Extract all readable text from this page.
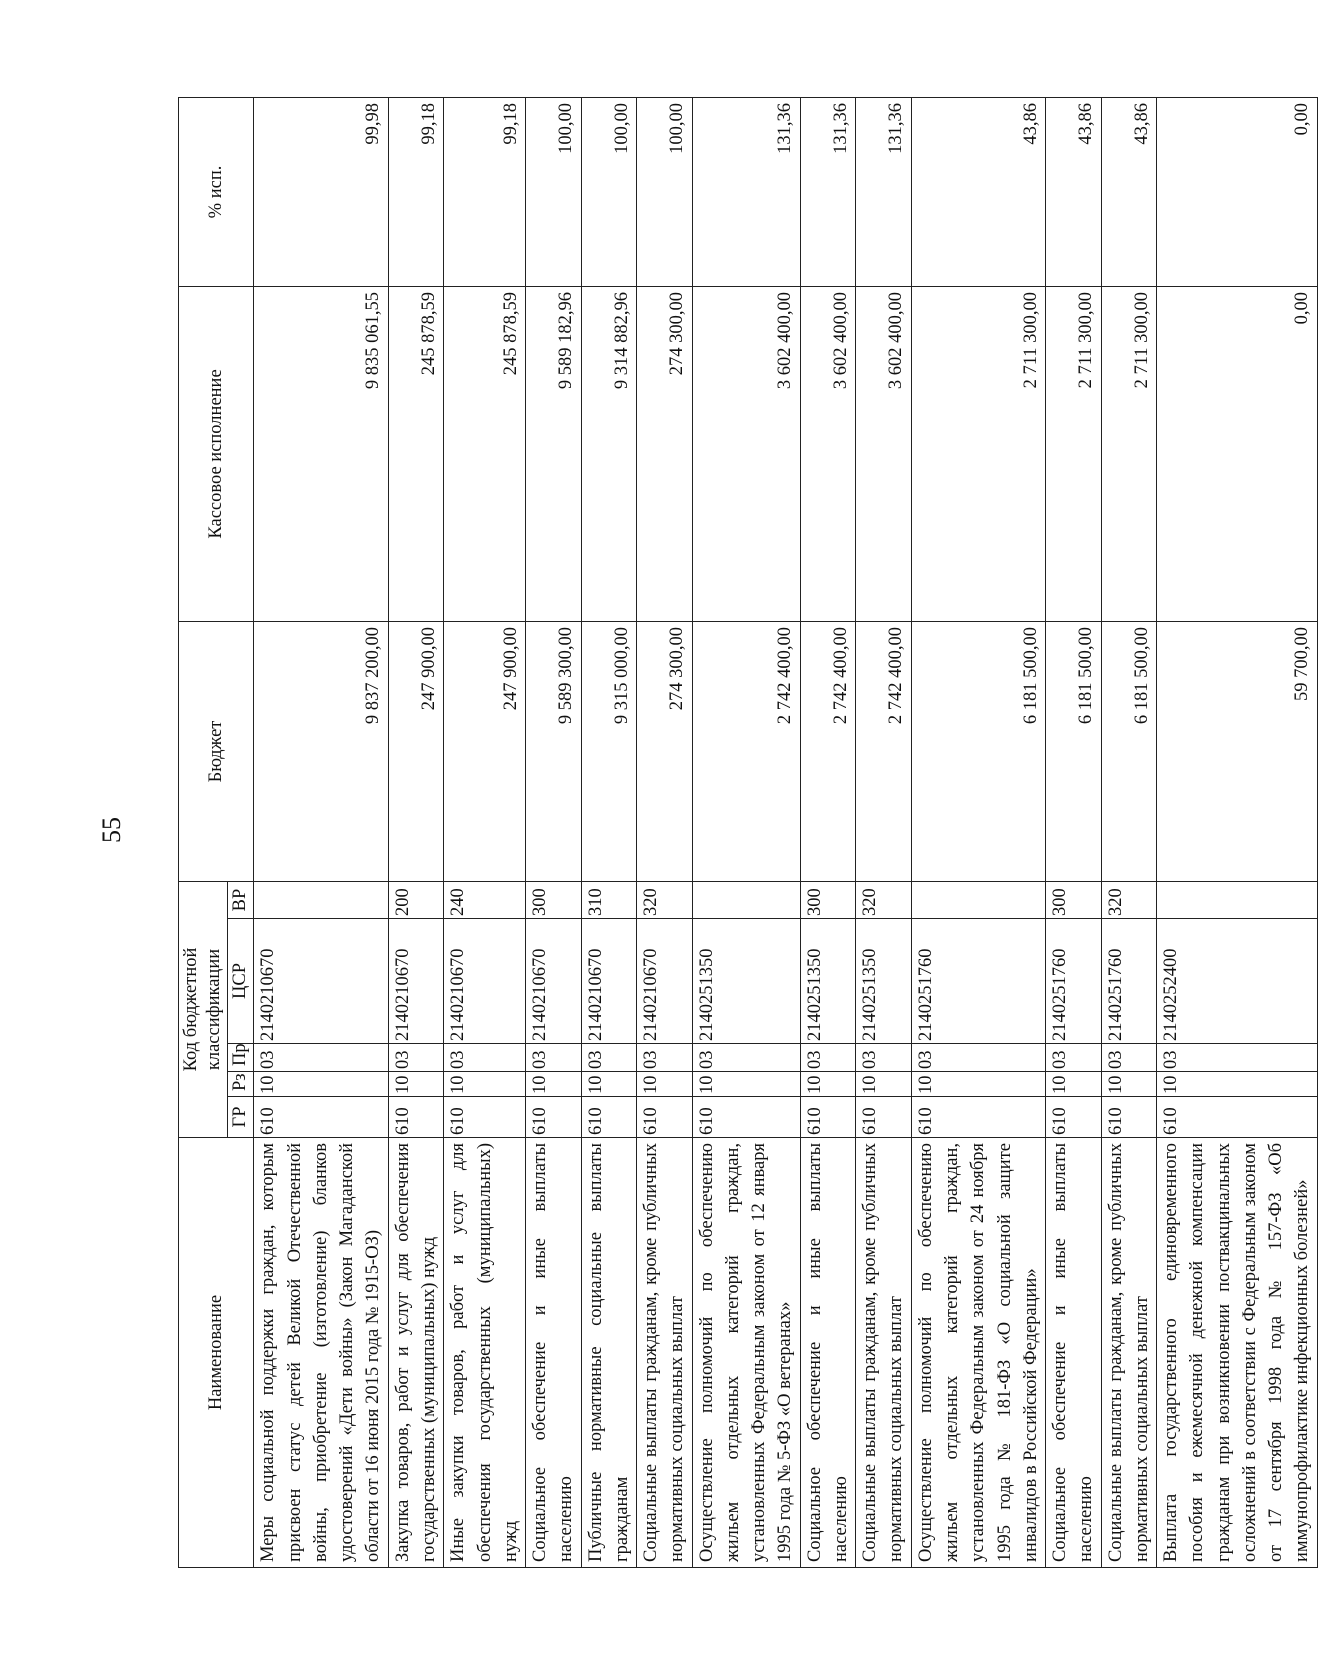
55
Наименование	Код бюджетной классификации					Бюджет	Кассовое исполнение	% исп.
	ГР	Рз	Пр	ЦСР	ВР			
Меры социальной поддержки граждан, которым присвоен статус детей Великой Отечественной войны, приобретение (изготовление) бланков удостоверений «Дети войны» (Закон Магаданской области от 16 июня 2015 года № 1915-ОЗ)	610	10	03	2140210670		9 837 200,00	9 835 061,55	99,98
Закупка товаров, работ и услуг для обеспечения государственных (муниципальных) нужд	610	10	03	2140210670	200	247 900,00	245 878,59	99,18
Иные закупки товаров, работ и услуг для обеспечения государственных (муниципальных) нужд	610	10	03	2140210670	240	247 900,00	245 878,59	99,18
Социальное обеспечение и иные выплаты населению	610	10	03	2140210670	300	9 589 300,00	9 589 182,96	100,00
Публичные нормативные социальные выплаты гражданам	610	10	03	2140210670	310	9 315 000,00	9 314 882,96	100,00
Социальные выплаты гражданам, кроме публичных нормативных социальных выплат	610	10	03	2140210670	320	274 300,00	274 300,00	100,00
Осуществление полномочий по обеспечению жильем отдельных категорий граждан, установленных Федеральным законом от 12 января 1995 года № 5-ФЗ «О ветеранах»	610	10	03	2140251350		2 742 400,00	3 602 400,00	131,36
Социальное обеспечение и иные выплаты населению	610	10	03	2140251350	300	2 742 400,00	3 602 400,00	131,36
Социальные выплаты гражданам, кроме публичных нормативных социальных выплат	610	10	03	2140251350	320	2 742 400,00	3 602 400,00	131,36
Осуществление полномочий по обеспечению жильем отдельных категорий граждан, установленных Федеральным законом от 24 ноября 1995 года № 181-ФЗ «О социальной защите инвалидов в Российской Федерации»	610	10	03	2140251760		6 181 500,00	2 711 300,00	43,86
Социальное обеспечение и иные выплаты населению	610	10	03	2140251760	300	6 181 500,00	2 711 300,00	43,86
Социальные выплаты гражданам, кроме публичных нормативных социальных выплат	610	10	03	2140251760	320	6 181 500,00	2 711 300,00	43,86
Выплата государственного единовременного пособия и ежемесячной денежной компенсации гражданам при возникновении поствакцинальных осложнений в соответствии с Федеральным законом от 17 сентября 1998 года № 157-ФЗ «Об иммунопрофилактике инфекционных болезней»	610	10	03	2140252400		59 700,00	0,00	0,00
